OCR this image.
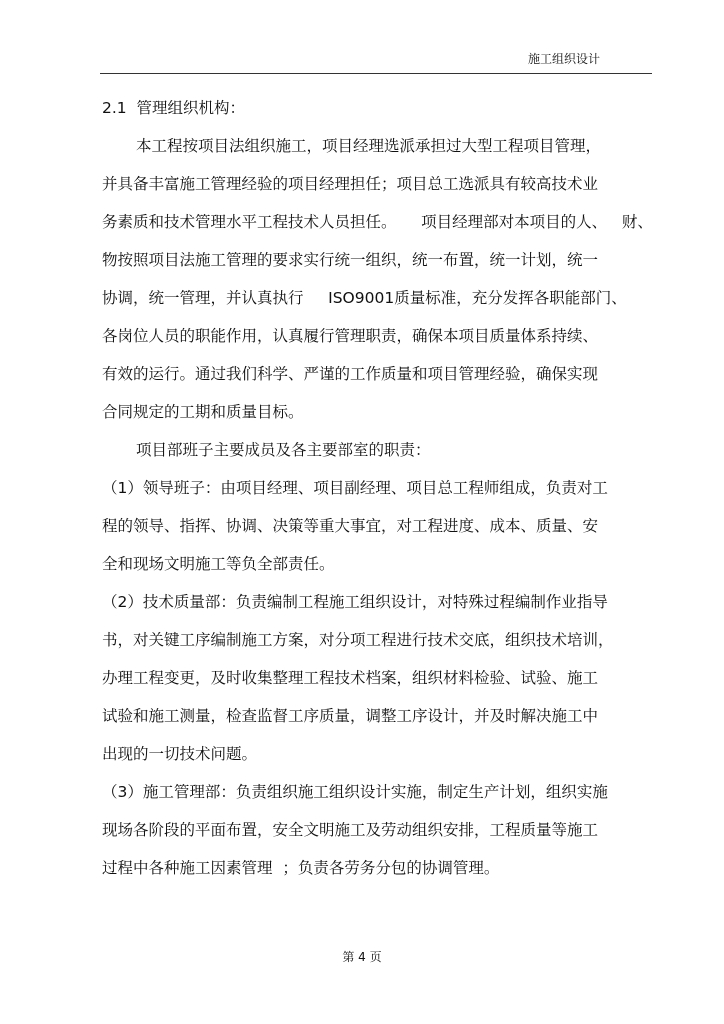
施工组织设计

2.1  管理组织机构：

本工程按项目法组织施工，项目经理选派承担过大型工程项目管理，

并具备丰富施工管理经验的项目经理担任；项目总工选派具有较高技术业

务素质和技术管理水平工程技术人员担任。     项目经理部对本项目的人、   财、

物按照项目法施工管理的要求实行统一组织，统一布置，统一计划，统一

协调，统一管理，并认真执行     ISO9001质量标准，充分发挥各职能部门、

各岗位人员的职能作用，认真履行管理职责，确保本项目质量体系持续、

有效的运行。通过我们科学、严谨的工作质量和项目管理经验，确保实现

合同规定的工期和质量目标。

项目部班子主要成员及各主要部室的职责：

（1）领导班子：由项目经理、项目副经理、项目总工程师组成，负责对工

程的领导、指挥、协调、决策等重大事宜，对工程进度、成本、质量、安

全和现场文明施工等负全部责任。

（2）技术质量部：负责编制工程施工组织设计，对特殊过程编制作业指导

书，对关键工序编制施工方案，对分项工程进行技术交底，组织技术培训，

办理工程变更，及时收集整理工程技术档案，组织材料检验、试验、施工

试验和施工测量，检查监督工序质量，调整工序设计，并及时解决施工中

出现的一切技术问题。

（3）施工管理部：负责组织施工组织设计实施，制定生产计划，组织实施

现场各阶段的平面布置，安全文明施工及劳动组织安排，工程质量等施工

过程中各种施工因素管理  ；负责各劳务分包的协调管理。

第 4 页
